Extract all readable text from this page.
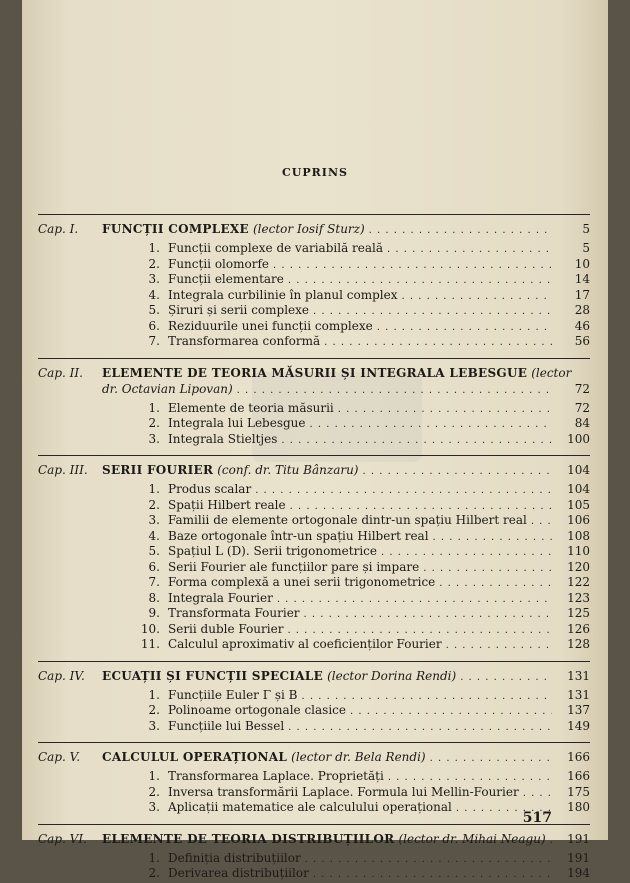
CUPRINS
Cap. I.	FUNCȚII COMPLEXE (lector Iosif Sturz) . . .	5
1. Funcții complexe de variabilă reală . . .	5
2. Funcții olomorfe . . .	10
3. Funcții elementare . . .	14
4. Integrala curbilinie în planul complex . . .	17
5. Șiruri și serii complexe . . .	28
6. Reziduurile unei funcții complexe . . .	46
7. Transformarea conformă . . .	56
Cap. II.	ELEMENTE DE TEORIA MĂSURII ȘI INTEGRALA LEBESGUE (lector
dr. Octavian Lipovan) . . .	72
1. Elemente de teoria măsurii . . .	72
2. Integrala lui Lebesgue . . .	84
3. Integrala Stieltjes . . .	100
Cap. III.	SERII FOURIER (conf. dr. Titu Bânzaru) . . .	104
1. Produs scalar . . .	104
2. Spații Hilbert reale . . .	105
3. Familii de elemente ortogonale dintr-un spațiu Hilbert real . . .	106
4. Baze ortogonale într-un spațiu Hilbert real . . .	108
5. Spațiul L (D). Serii trigonometrice . . .	110
6. Serii Fourier ale funcțiilor pare și impare . . .	120
7. Forma complexă a unei serii trigonometrice . . .	122
8. Integrala Fourier . . .	123
9. Transformata Fourier . . .	125
10. Serii duble Fourier . . .	126
11. Calculul aproximativ al coeficienților Fourier . . .	128
Cap. IV.	ECUAȚII ȘI FUNCȚII SPECIALE (lector Dorina Rendi) . . .	131
1. Funcțiile Euler Γ și B . . .	131
2. Polinoame ortogonale clasice . . .	137
3. Funcțiile lui Bessel . . .	149
Cap. V.	CALCULUL OPERAȚIONAL (lector dr. Bela Rendi) . . .	166
1. Transformarea Laplace. Proprietăți . . .	166
2. Inversa transformării Laplace. Formula lui Mellin-Fourier . . .	175
3. Aplicații matematice ale calculului operațional . . .	180
Cap. VI.	ELEMENTE DE TEORIA DISTRIBUȚIILOR (lector dr. Mihai Neagu) . . .	191
1. Definiția distribuțiilor . . .	191
2. Derivarea distribuțiilor . . .	194
517
